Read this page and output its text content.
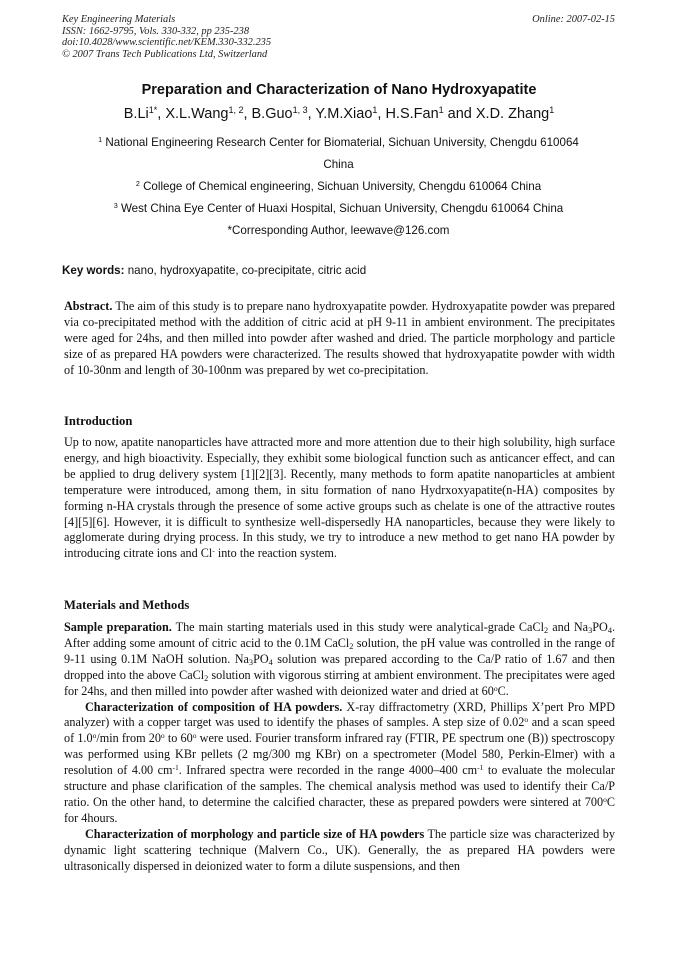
Key Engineering Materials	Online: 2007-02-15
ISSN: 1662-9795, Vols. 330-332, pp 235-238
doi:10.4028/www.scientific.net/KEM.330-332.235
© 2007 Trans Tech Publications Ltd, Switzerland
Preparation and Characterization of Nano Hydroxyapatite
$B.Li^{1*}$, X.L.Wang$^{1, 2}$, B.Guo$^{1, 3}$, Y.M.Xiao$^1$, H.S.Fan$^1$ and X.D. Zhang$^1$
$^1$ National Engineering Research Center for Biomaterial, Sichuan University, Chengdu 610064
China
$^2$ College of Chemical engineering, Sichuan University, Chengdu 610064 China
$^3$ West China Eye Center of Huaxi Hospital, Sichuan University, Chengdu 610064 China
*Corresponding Author, leewave@126.com
Key words: nano, hydroxyapatite, co-precipitate, citric acid

Abstract. The aim of this study is to prepare nano hydroxyapatite powder. Hydroxyapatite powder was prepared via co-precipitated method with the addition of citric acid at pH 9-11 in ambient environment. The precipitates were aged for 24hs, and then milled into powder after washed and dried. The particle morphology and particle size of as prepared HA powders were characterized. The results showed that hydroxyapatite powder with width of 10-30nm and length of 30-100nm was prepared by wet co-precipitation.

Introduction

Up to now, apatite nanoparticles have attracted more and more attention due to their high solubility, high surface energy, and high bioactivity. Especially, they exhibit some biological function such as anticancer effect, and can be applied to drug delivery system [1][2][3]. Recently, many methods to form apatite nanoparticles at ambient temperature were introduced, among them, in situ formation of nano Hydrxoxyapatite(n-HA) composites by forming n-HA crystals through the presence of some active groups such as chelate is one of the attractive routes [4][5][6]. However, it is difficult to synthesize well-dispersedly HA nanoparticles, because they were likely to agglomerate during drying process. In this study, we try to introduce a new method to get nano HA powder by introducing citrate ions and Cl- into the reaction system.

Materials and Methods

Sample preparation. The main starting materials used in this study were analytical-grade CaCl$_2$ and $Na_3PO_4$. After adding some amount of citric acid to the 0.1M CaCl$_2$ solution, the pH value was controlled in the range of 9-11 using 0.1M NaOH solution. $Na_3PO_4$ solution was prepared according to the Ca/P ratio of 1.67 and then dropped into the above CaCl$_2$ solution with vigorous stirring at ambient environment. The precipitates were aged for 24hs, and then milled into powder after washed with deionized water and dried at 60$^o$C.

Characterization of composition of HA powders. X-ray diffractometry (XRD, Phillips X’pert Pro MPD analyzer) with a copper target was used to identify the phases of samples. A step size of 0.02$^o$ and a scan speed of 1.0$^o$/min from 20$^o$ to 60$^o$ were used. Fourier transform infrared ray (FTIR, PE spectrum one (B)) spectroscopy was performed using KBr pellets (2 mg/300 mg KBr) on a spectrometer (Model 580, Perkin-Elmer) with a resolution of 4.00 $cm^{-1}$. Infrared spectra were recorded in the range 4000–400 $cm^{-1}$ to evaluate the molecular structure and phase clarification of the samples. The chemical analysis method was used to identify their Ca/P ratio. On the other hand, to determine the calcified character, these as prepared powders were sintered at 700$^o$C for 4hours.

Characterization of morphology and particle size of HA powders The particle size was characterized by dynamic light scattering technique (Malvern Co., UK). Generally, the as prepared HA powders were ultrasonically dispersed in deionized water to form a dilute suspensions, and then
